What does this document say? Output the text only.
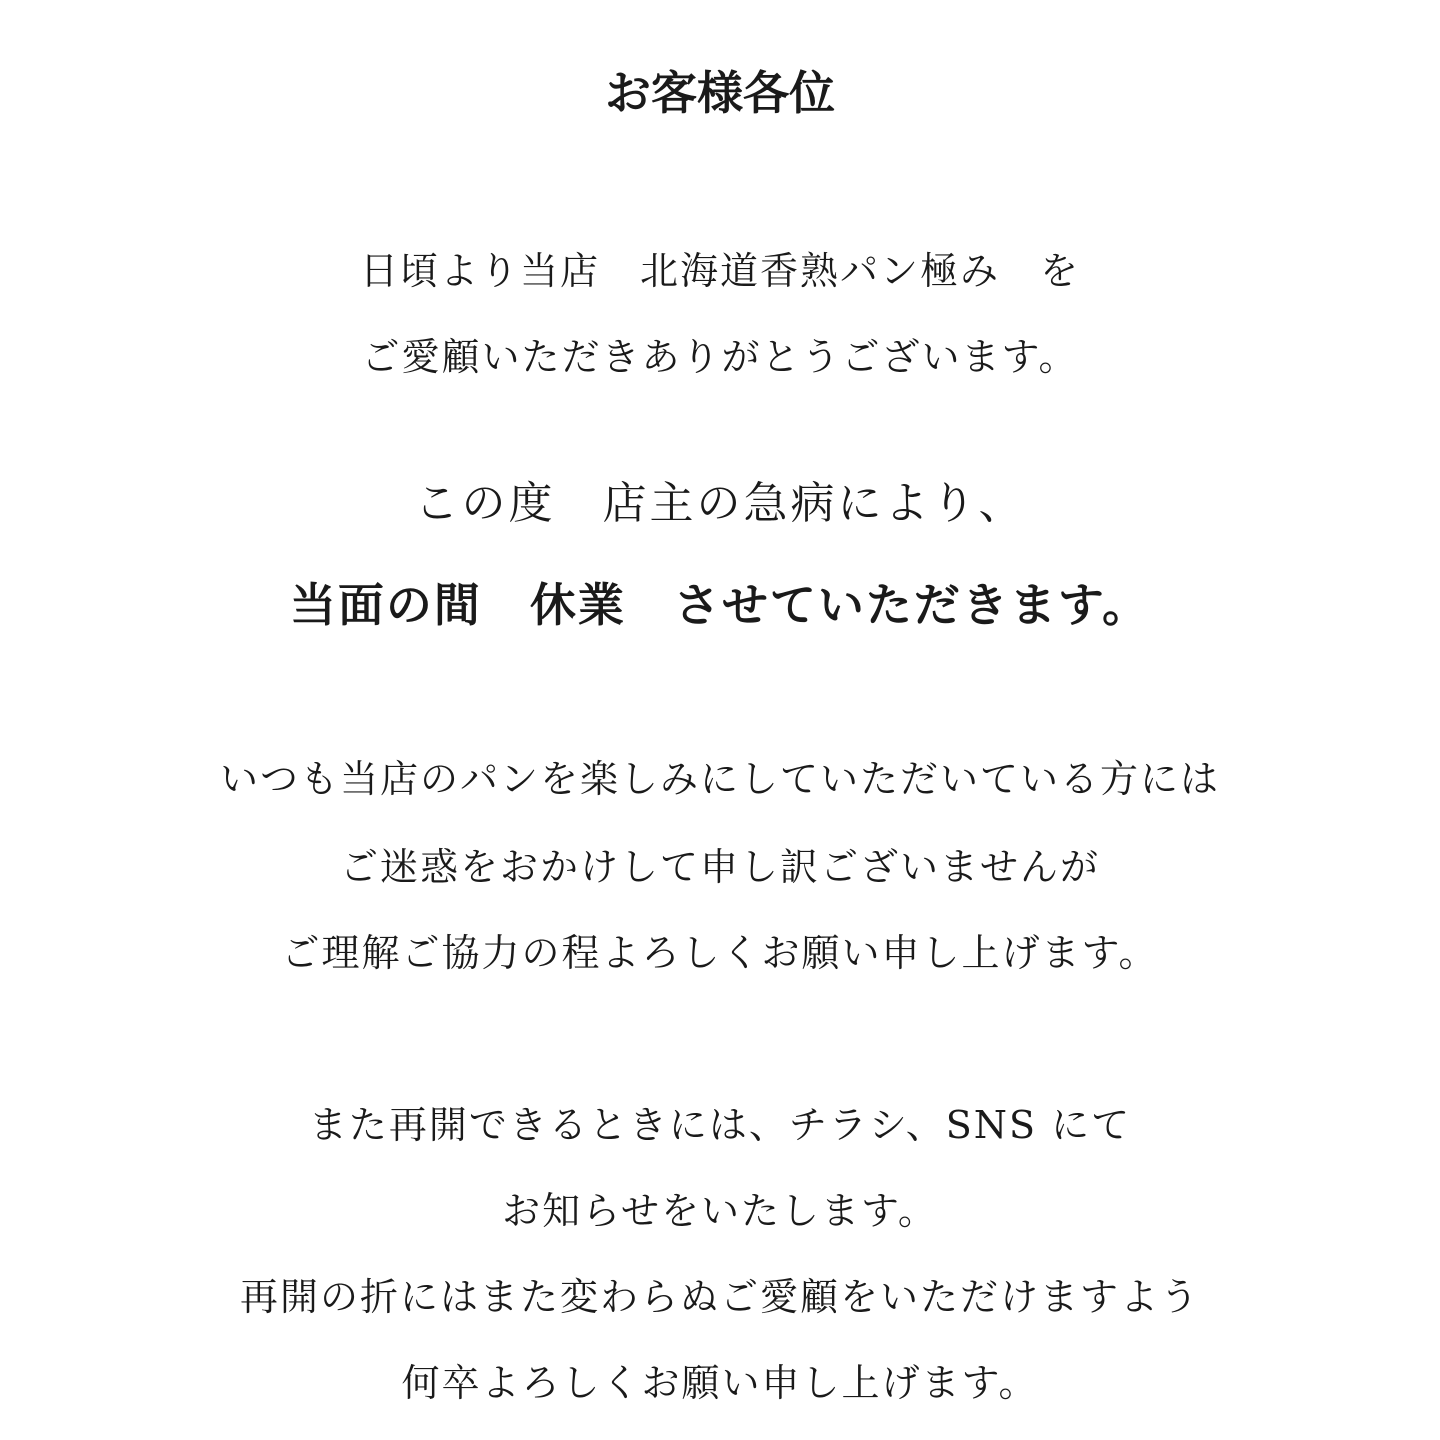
お客様各位
日頃より当店　北海道香熟パン極み　を
ご愛顧いただきありがとうございます。
この度　店主の急病により、
当面の間　休業　させていただきます。
いつも当店のパンを楽しみにしていただいている方には
ご迷惑をおかけして申し訳ございませんが
ご理解ご協力の程よろしくお願い申し上げます。
また再開できるときには、チラシ、SNS にて
お知らせをいたします。
再開の折にはまた変わらぬご愛顧をいただけますよう
何卒よろしくお願い申し上げます。
